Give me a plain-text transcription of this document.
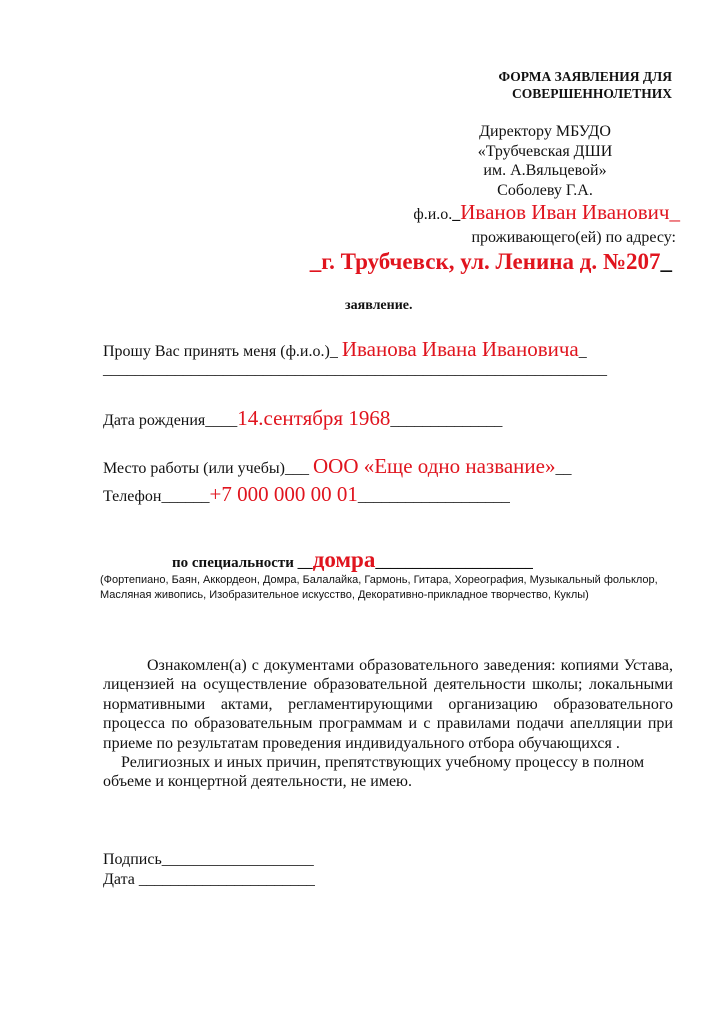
ФОРМА ЗАЯВЛЕНИЯ ДЛЯ
СОВЕРШЕННОЛЕТНИХ
Директору МБУДО
«Трубчевская ДШИ
им. А.Вяльцевой»
Соболеву Г.А.
ф.и.о._Иванов Иван Иванович_
проживающего(ей) по адресу:
_г. Трубчевск, ул. Ленина д. №207_
заявление.
Прошу Вас принять меня (ф.и.о.)_ Иванова Ивана Ивановича_
_______________________________________________________________
Дата рождения____14.сентября 1968______________
Место работы (или учебы)___ ООО «Еще одно название»__
Телефон______+7 000 000 00 01___________________
по специальности __домра_____________________
(Фортепиано, Баян, Аккордеон, Домра, Балалайка, Гармонь, Гитара, Хореография, Музыкальный фольклор, Масляная живопись, Изобразительное искусство, Декоративно-прикладное творчество, Куклы)

Ознакомлен(а) с документами образовательного заведения: копиями Устава, лицензией на осуществление образовательной деятельности школы; локальными нормативными актами, регламентирующими организацию образовательного процесса по образовательным программам и с правилами подачи апелляции при приеме по результатам проведения индивидуального отбора обучающихся .

Религиозных и иных причин, препятствующих учебному процессу в полном объеме и концертной деятельности, не имею.

Подпись___________________
Дата ______________________
